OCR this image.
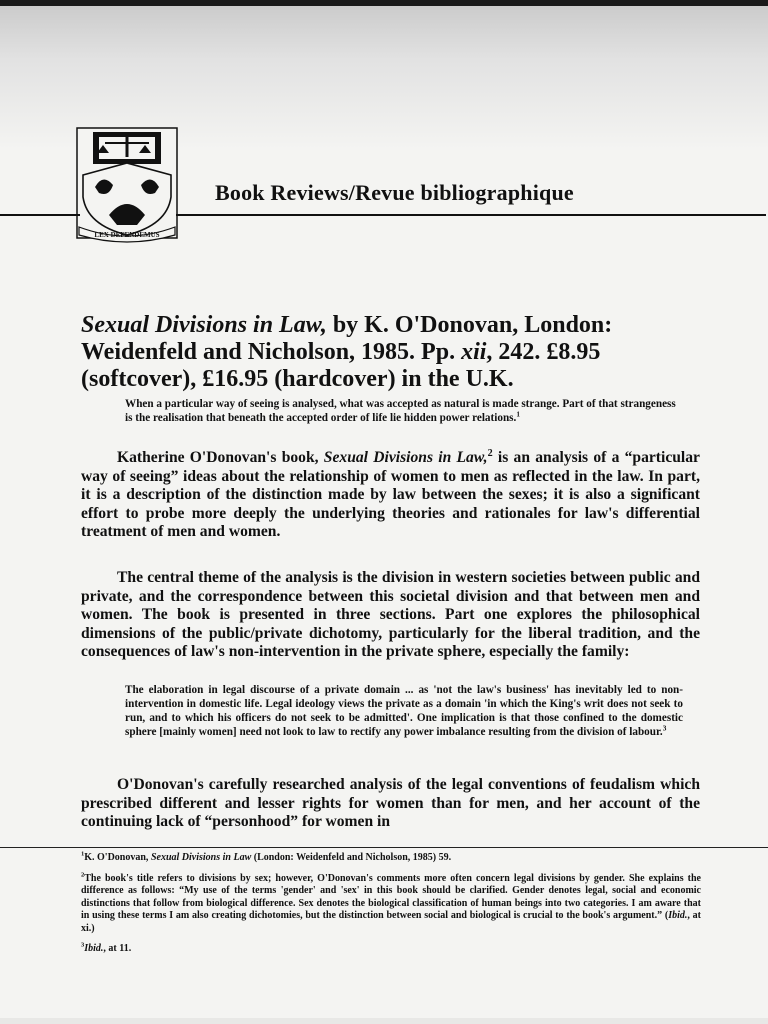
LEX DEFENDEMUS
Book Reviews/Revue bibliographique
Sexual Divisions in Law, by K. O'Donovan, London: Weidenfeld and Nicholson, 1985. Pp. xii, 242. £8.95 (softcover), £16.95 (hardcover) in the U.K.
When a particular way of seeing is analysed, what was accepted as natural is made strange. Part of that strangeness is the realisation that beneath the accepted order of life lie hidden power relations.$^1$

Katherine O'Donovan's book, Sexual Divisions in Law,$^2$ is an analysis of a “particular way of seeing” ideas about the relationship of women to men as reflected in the law. In part, it is a description of the distinction made by law between the sexes; it is also a significant effort to probe more deeply the underlying theories and rationales for law's differential treatment of men and women.

The central theme of the analysis is the division in western societies between public and private, and the correspondence between this societal division and that between men and women. The book is presented in three sections. Part one explores the philosophical dimensions of the public/private dichotomy, particularly for the liberal tradition, and the consequences of law's non-intervention in the private sphere, especially the family:

The elaboration in legal discourse of a private domain ... as 'not the law's business' has inevitably led to non-intervention in domestic life. Legal ideology views the private as a domain 'in which the King's writ does not seek to run, and to which his officers do not seek to be admitted'. One implication is that those confined to the domestic sphere [mainly women] need not look to law to rectify any power imbalance resulting from the division of labour.$^3$

O'Donovan's carefully researched analysis of the legal conventions of feudalism which prescribed different and lesser rights for women than for men, and her account of the continuing lack of “personhood” for women in

$^1$K. O'Donovan, Sexual Divisions in Law (London: Weidenfeld and Nicholson, 1985) 59.

$^2$The book's title refers to divisions by sex; however, O'Donovan's comments more often concern legal divisions by gender. She explains the difference as follows: “My use of the terms 'gender' and 'sex' in this book should be clarified. Gender denotes legal, social and economic distinctions that follow from biological difference. Sex denotes the biological classification of human beings into two categories. I am aware that in using these terms I am also creating dichotomies, but the distinction between social and biological is crucial to the book's argument.” (Ibid., at xi.)

$^3$Ibid., at 11.
